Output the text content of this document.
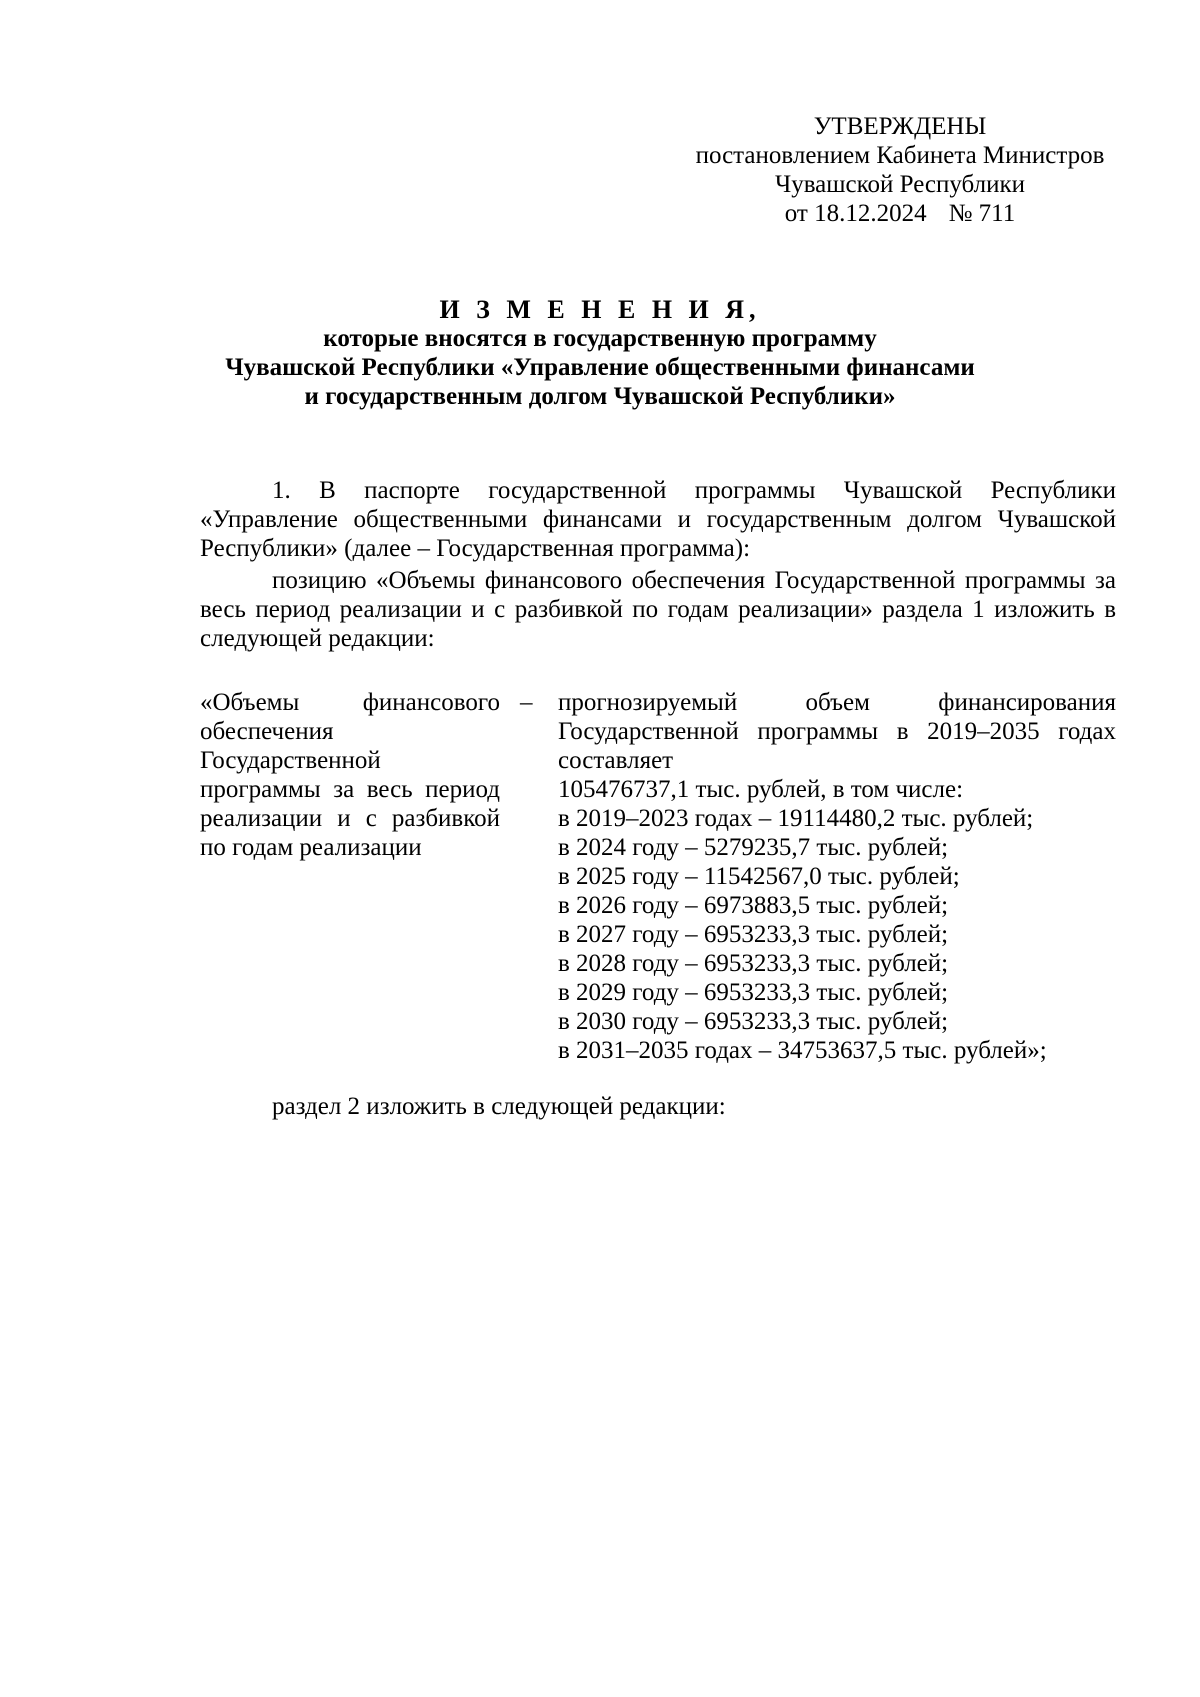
УТВЕРЖДЕНЫ
постановлением Кабинета Министров
Чувашской Республики
от 18.12.2024 № 711
И З М Е Н Е Н И Я,
которые вносятся в государственную программу
Чувашской Республики «Управление общественными финансами
и государственным долгом Чувашской Республики»

1. В паспорте государственной программы Чувашской Республики «Управление общественными финансами и государственным долгом Чувашской Республики» (далее – Государственная программа):

позицию «Объемы финансового обеспечения Государственной программы за весь период реализации и с разбивкой по годам реализации» раздела 1 изложить в следующей редакции:

«Объемы финансового обеспечения Государственной программы за весь период реализации и с разбивкой по годам реализации
– прогнозируемый объем финансирования Государственной программы в 2019–2035 годах составляет
105476737,1 тыс. рублей, в том числе:
в 2019–2023 годах – 19114480,2 тыс. рублей;
в 2024 году – 5279235,7 тыс. рублей;
в 2025 году – 11542567,0 тыс. рублей;
в 2026 году – 6973883,5 тыс. рублей;
в 2027 году – 6953233,3 тыс. рублей;
в 2028 году – 6953233,3 тыс. рублей;
в 2029 году – 6953233,3 тыс. рублей;
в 2030 году – 6953233,3 тыс. рублей;
в 2031–2035 годах – 34753637,5 тыс. рублей»;
раздел 2 изложить в следующей редакции:
